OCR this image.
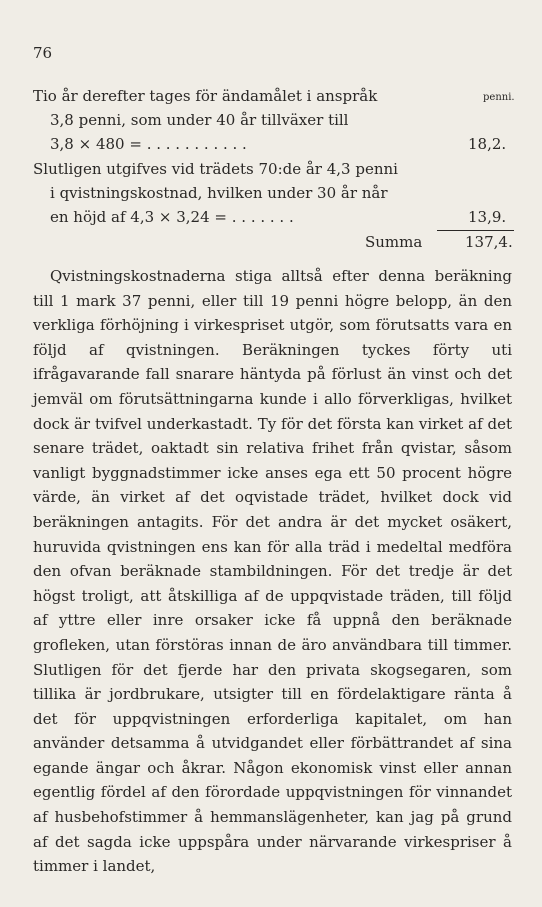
76
Tio år derefter tages för ändamålet i anspråk	penni.
3,8 penni, som under 40 år tillväxer till
3,8 × 480 = . . . . . . . . . . .	18,2.
Slutligen utgifves vid trädets 70:de år 4,3 penni
i qvistningskostnad, hvilken under 30 år når
en höjd af 4,3 × 3,24 = . . . . . . .	13,9.
Summa	137,4.

Qvistningskostnaderna stiga alltså efter denna beräkning till 1 mark 37 penni, eller till 19 penni högre belopp, än den verkliga förhöjning i virkespriset utgör, som förutsatts vara en följd af qvistningen. Beräkningen tyckes förty uti ifrågavarande fall snarare häntyda på förlust än vinst och det jemväl om förutsättningarna kunde i allo förverkligas, hvilket dock är tvifvel underkastadt. Ty för det första kan virket af det senare trädet, oaktadt sin relativa frihet från qvistar, såsom vanligt byggnadstimmer icke anses ega ett 50 procent högre värde, än virket af det oqvistade trädet, hvilket dock vid beräkningen antagits. För det andra är det mycket osäkert, huruvida qvistningen ens kan för alla träd i medeltal medföra den ofvan beräknade stambildningen. För det tredje är det högst troligt, att åtskilliga af de uppqvistade träden, till följd af yttre eller inre orsaker icke få uppnå den beräknade grofleken, utan förstöras innan de äro användbara till timmer. Slutligen för det fjerde har den privata skogsegaren, som tillika är jordbrukare, utsigter till en fördelaktigare ränta å det för uppqvistningen erforderliga kapitalet, om han använder detsamma å utvidgandet eller förbättrandet af sina egande ängar och åkrar. Någon ekonomisk vinst eller annan egentlig fördel af den förordade uppqvistningen för vinnandet af husbehofstimmer å hemmanslägenheter, kan jag på grund af det sagda icke uppspåra under närvarande virkespriser å timmer i landet,
